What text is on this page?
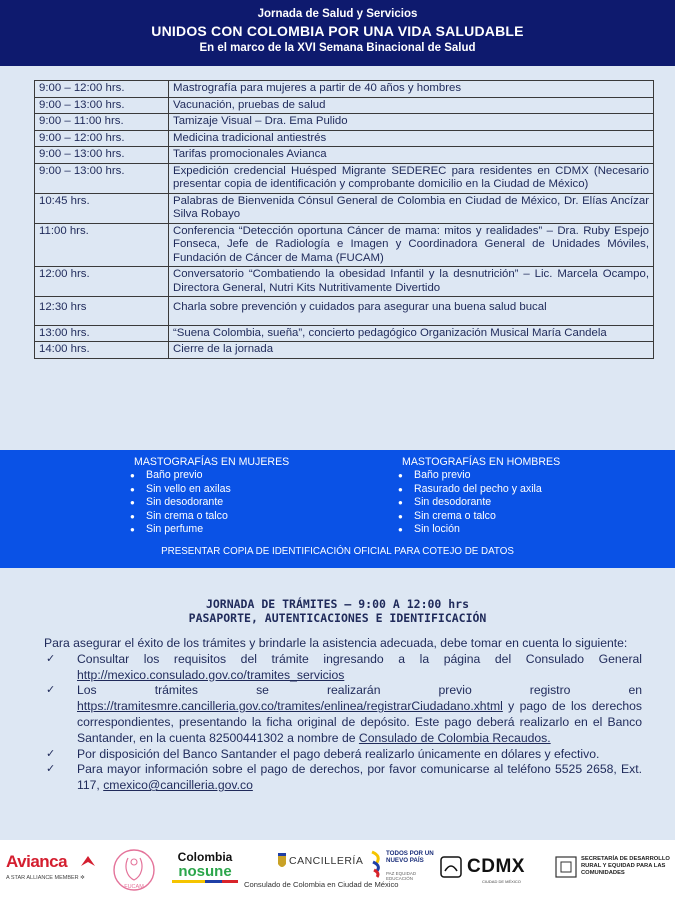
Jornada de Salud y Servicios
UNIDOS CON COLOMBIA POR UNA VIDA SALUDABLE
En el marco de la XVI Semana Binacional de Salud
9:00 – 12:00 hrs.	Mastrografía para mujeres a partir de 40 años y hombres
9:00 – 13:00 hrs.	Vacunación, pruebas de salud
9:00 – 11:00 hrs.	Tamizaje Visual – Dra. Ema Pulido
9:00 – 12:00 hrs.	Medicina tradicional antiestrés
9:00 – 13:00 hrs.	Tarifas promocionales Avianca
9:00 – 13:00 hrs.	Expedición credencial Huésped Migrante SEDEREC para residentes en CDMX (Necesario presentar copia de identificación y comprobante domicilio en la Ciudad de México)
10:45 hrs.	Palabras de Bienvenida Cónsul General de Colombia en Ciudad de México, Dr. Elías Ancízar Silva Robayo
11:00 hrs.	Conferencia “Detección oportuna Cáncer de mama: mitos y realidades” – Dra. Ruby Espejo Fonseca, Jefe de Radiología e Imagen y Coordinadora General de Unidades Móviles, Fundación de Cáncer de Mama (FUCAM)
12:00 hrs.	Conversatorio “Combatiendo la obesidad Infantil y la desnutrición” – Lic. Marcela Ocampo, Directora General, Nutri Kits Nutritivamente Divertido
12:30 hrs	Charla sobre prevención y cuidados para asegurar una buena salud bucal
13:00 hrs.	“Suena Colombia, sueña”, concierto pedagógico Organización Musical María Candela
14:00 hrs.	Cierre de la jornada
MASTOGRAFÍAS EN MUJERES
● Baño previo
● Sin vello en axilas
● Sin desodorante
● Sin crema o talco
● Sin perfume
MASTOGRAFÍAS EN HOMBRES
● Baño previo
● Rasurado del pecho y axila
● Sin desodorante
● Sin crema o talco
● Sin loción
PRESENTAR COPIA DE IDENTIFICACIÓN OFICIAL PARA COTEJO DE DATOS
JORNADA DE TRÁMITES – 9:00 A 12:00 hrs
PASAPORTE, AUTENTICACIONES E IDENTIFICACIÓN
Para asegurar el éxito de los trámites y brindarle la asistencia adecuada, debe tomar en cuenta lo siguiente:
✓ Consultar los requisitos del trámite ingresando a la página del Consulado General http://mexico.consulado.gov.co/tramites_servicios
✓ Los	trámites	se	realizarán	previo	registro	en
https://tramitesmre.cancilleria.gov.co/tramites/enlinea/registrarCiudadano.xhtml y pago de los derechos correspondientes, presentando la ficha original de depósito. Este pago deberá realizarlo en el Banco Santander, en la cuenta 82500441302 a nombre de Consulado de Colombia Recaudos.
✓ Por disposición del Banco Santander el pago deberá realizarlo únicamente en dólares y efectivo.
✓ Para mayor información sobre el pago de derechos, por favor comunicarse al teléfono 5525 2658, Ext. 117, cmexico@cancilleria.gov.co
Avianca
A STAR ALLIANCE MEMBER ✲
FUCAM
Colombia
nosune
CANCILLERÍA
Consulado de Colombia en Ciudad de México
TODOS POR UN NUEVO PAÍS
PAZ EQUIDAD EDUCACIÓN
CDMX
CIUDAD DE MÉXICO
SECRETARÍA DE DESARROLLO RURAL Y EQUIDAD PARA LAS COMUNIDADES
